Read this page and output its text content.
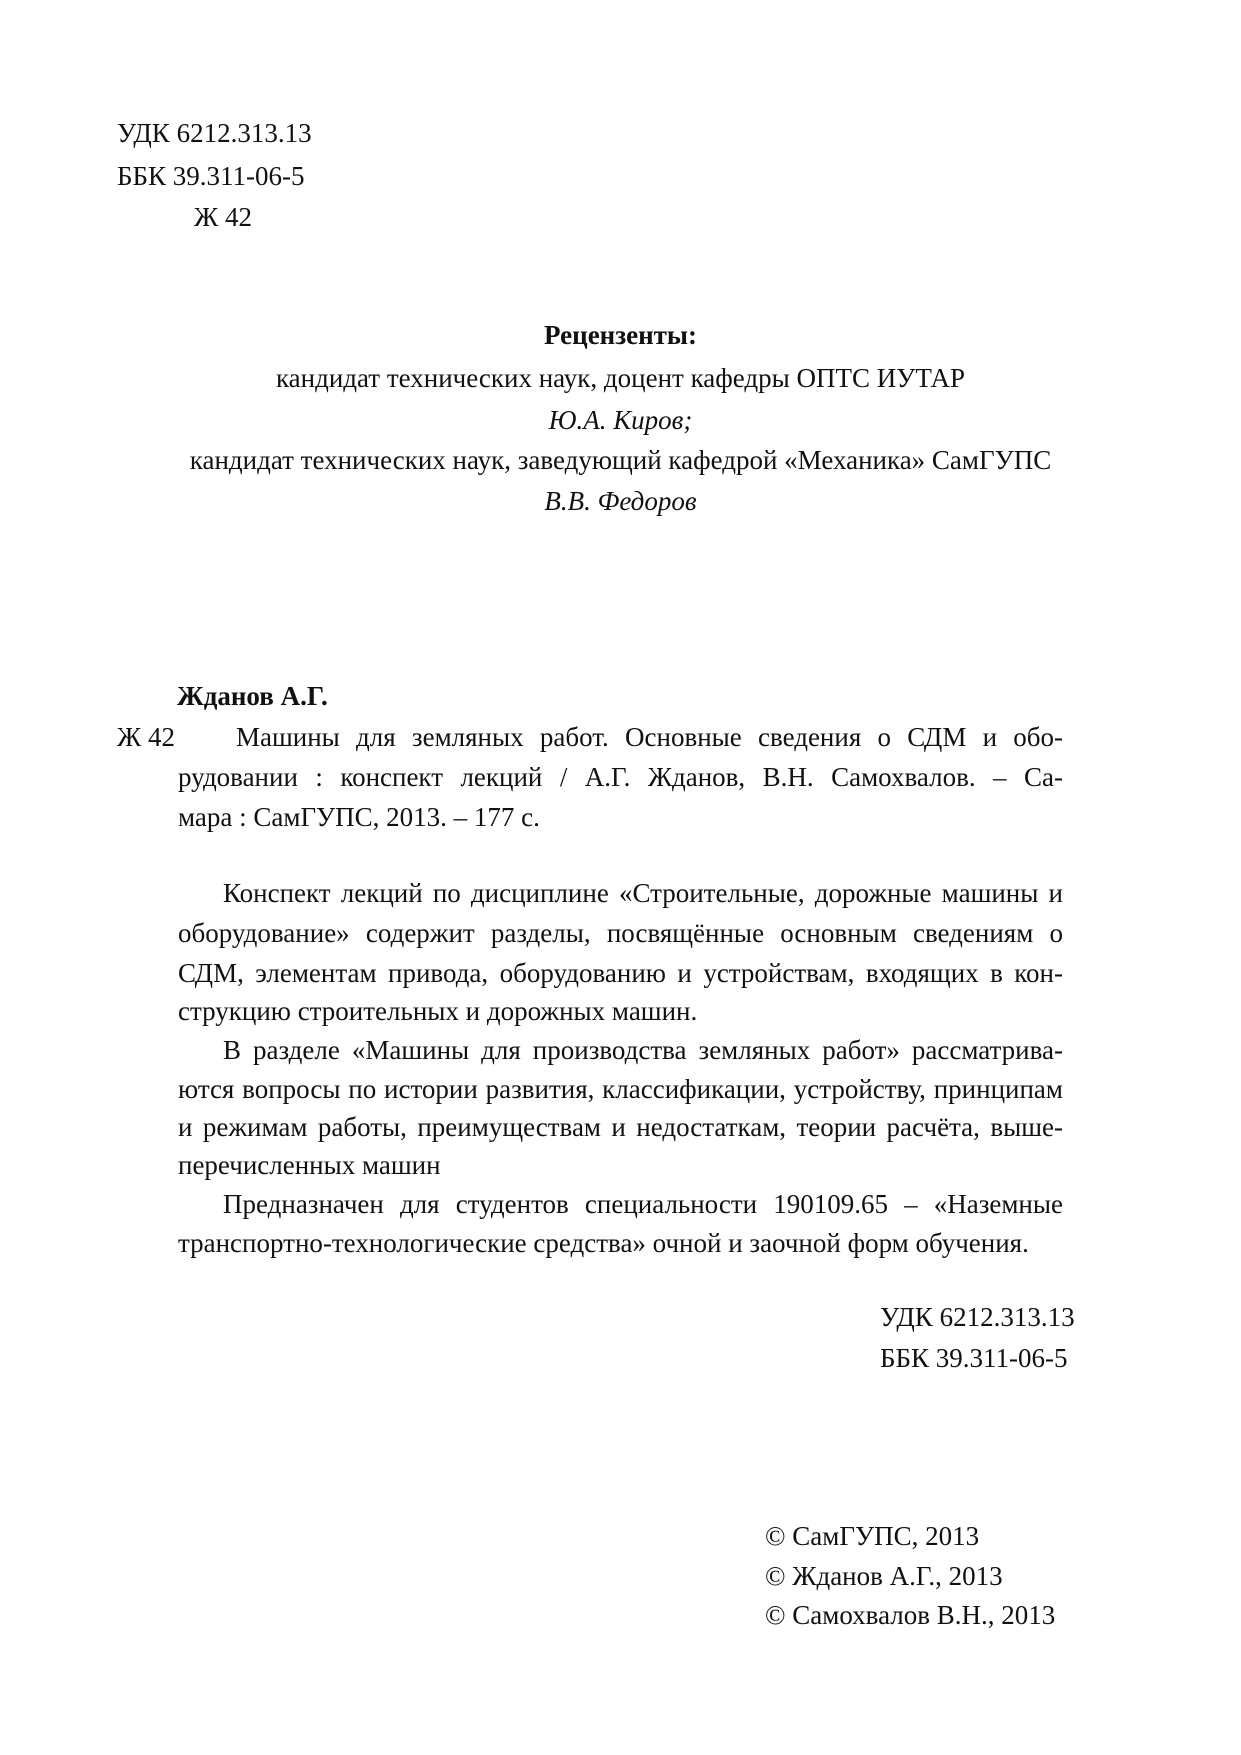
УДК 6212.313.13
ББК 39.311-06-5
Ж 42
Рецензенты:
кандидат технических наук, доцент кафедры ОПТС ИУТАР
Ю.А. Киров;
кандидат технических наук, заведующий кафедрой «Механика» СамГУПС
В.В. Федоров
Жданов А.Г.
Ж 42 Машины для земляных работ. Основные сведения о СДМ и обо-
рудовании : конспект лекций / А.Г. Жданов, В.Н. Самохвалов. – Са-
мара : СамГУПС, 2013. – 177 с.
Конспект лекций по дисциплине «Строительные, дорожные машины и
оборудование» содержит разделы, посвящённые основным сведениям о
СДМ, элементам привода, оборудованию и устройствам, входящих в кон-
струкцию строительных и дорожных машин.
В разделе «Машины для производства земляных работ» рассматрива-
ются вопросы по истории развития, классификации, устройству, принципам
и режимам работы, преимуществам и недостаткам, теории расчёта, выше-
перечисленных машин
Предназначен для студентов специальности 190109.65 – «Наземные
транспортно-технологические средства» очной и заочной форм обучения.
УДК 6212.313.13
ББК 39.311-06-5
© СамГУПС, 2013
© Жданов А.Г., 2013
© Самохвалов В.Н., 2013
